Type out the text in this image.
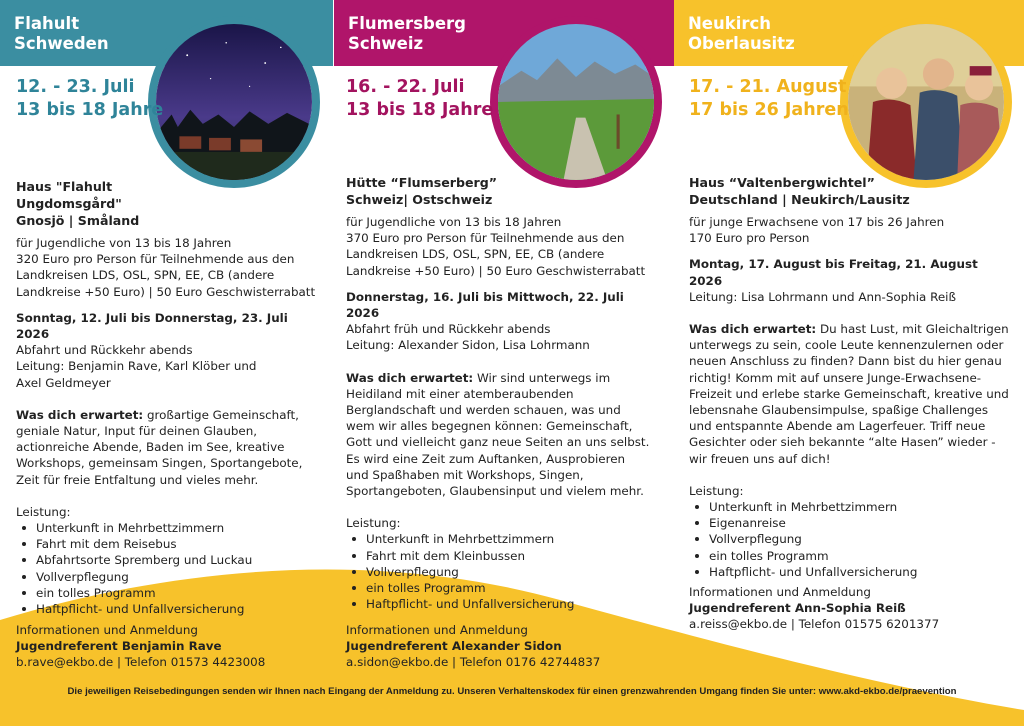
Flahult
Schweden
Flumersberg
Schweiz
Neukirch
Oberlausitz
12. - 23. Juli
13 bis 18 Jahre
16. - 22. Juli
13 bis 18 Jahre
17. - 21. August
17 bis 26 Jahren
Haus "Flahult
Ungdomsgård"
Gnosjö | Småland
für Jugendliche von 13 bis 18 Jahren
320 Euro pro Person für Teilnehmende aus den Landkreisen LDS, OSL, SPN, EE, CB (andere Landkreise +50 Euro) | 50 Euro Geschwisterrabatt
Sonntag, 12. Juli bis Donnerstag, 23. Juli 2026
Abfahrt und Rückkehr abends
Leitung: Benjamin Rave, Karl Klöber und
Axel Geldmeyer
Was dich erwartet: großartige Gemeinschaft, geniale Natur, Input für deinen Glauben, actionreiche Abende, Baden im See, kreative Workshops, gemeinsam Singen, Sportangebote, Zeit für freie Entfaltung und vieles mehr.
Leistung:
Unterkunft in Mehrbettzimmern
Fahrt mit dem Reisebus
Abfahrtsorte Spremberg und Luckau
Vollverpflegung
ein tolles Programm
Haftpflicht- und Unfallversicherung
Hütte “Flumserberg”
Schweiz| Ostschweiz
für Jugendliche von 13 bis 18 Jahren
370 Euro pro Person für Teilnehmende aus den Landkreisen LDS, OSL, SPN, EE, CB (andere Landkreise +50 Euro) | 50 Euro Geschwisterrabatt
Donnerstag, 16. Juli bis Mittwoch, 22. Juli 2026
Abfahrt früh und Rückkehr abends
Leitung: Alexander Sidon, Lisa Lohrmann
Was dich erwartet: Wir sind unterwegs im Heidiland mit einer atemberaubenden Berglandschaft und werden schauen, was und wem wir alles begegnen können: Gemeinschaft, Gott und vielleicht ganz neue Seiten an uns selbst. Es wird eine Zeit zum Auftanken, Ausprobieren und Spaßhaben mit Workshops, Singen, Sportangeboten, Glaubensinput und vielem mehr.
Leistung:
Unterkunft in Mehrbettzimmern
Fahrt mit dem Kleinbussen
Vollverpflegung
ein tolles Programm
Haftpflicht- und Unfallversicherung
Haus “Valtenbergwichtel”
Deutschland | Neukirch/Lausitz
für junge Erwachsene von 17 bis 26 Jahren
170 Euro pro Person
Montag, 17. August bis Freitag, 21. August 2026
Leitung: Lisa Lohrmann und Ann-Sophia Reiß
Was dich erwartet: Du hast Lust, mit Gleichaltrigen unterwegs zu sein, coole Leute kennenzulernen oder neuen Anschluss zu finden? Dann bist du hier genau richtig! Komm mit auf unsere Junge-Erwachsene-Freizeit und erlebe starke Gemeinschaft, kreative und lebensnahe Glaubensimpulse, spaßige Challenges und entspannte Abende am Lagerfeuer. Triff neue Gesichter oder sieh bekannte “alte Hasen” wieder - wir freuen uns auf dich!
Leistung:
Unterkunft in Mehrbettzimmern
Eigenanreise
Vollverpflegung
ein tolles Programm
Haftpflicht- und Unfallversicherung
Informationen und Anmeldung
Jugendreferent Benjamin Rave
b.rave@ekbo.de | Telefon 01573 4423008
Informationen und Anmeldung
Jugendreferent Alexander Sidon
a.sidon@ekbo.de | Telefon 0176 42744837
Informationen und Anmeldung
Jugendreferent Ann-Sophia Reiß
a.reiss@ekbo.de | Telefon 01575 6201377
Die jeweiligen Reisebedingungen senden wir Ihnen nach Eingang der Anmeldung zu. Unseren Verhaltenskodex für einen grenzwahrenden Umgang finden Sie unter: www.akd-ekbo.de/praevention
